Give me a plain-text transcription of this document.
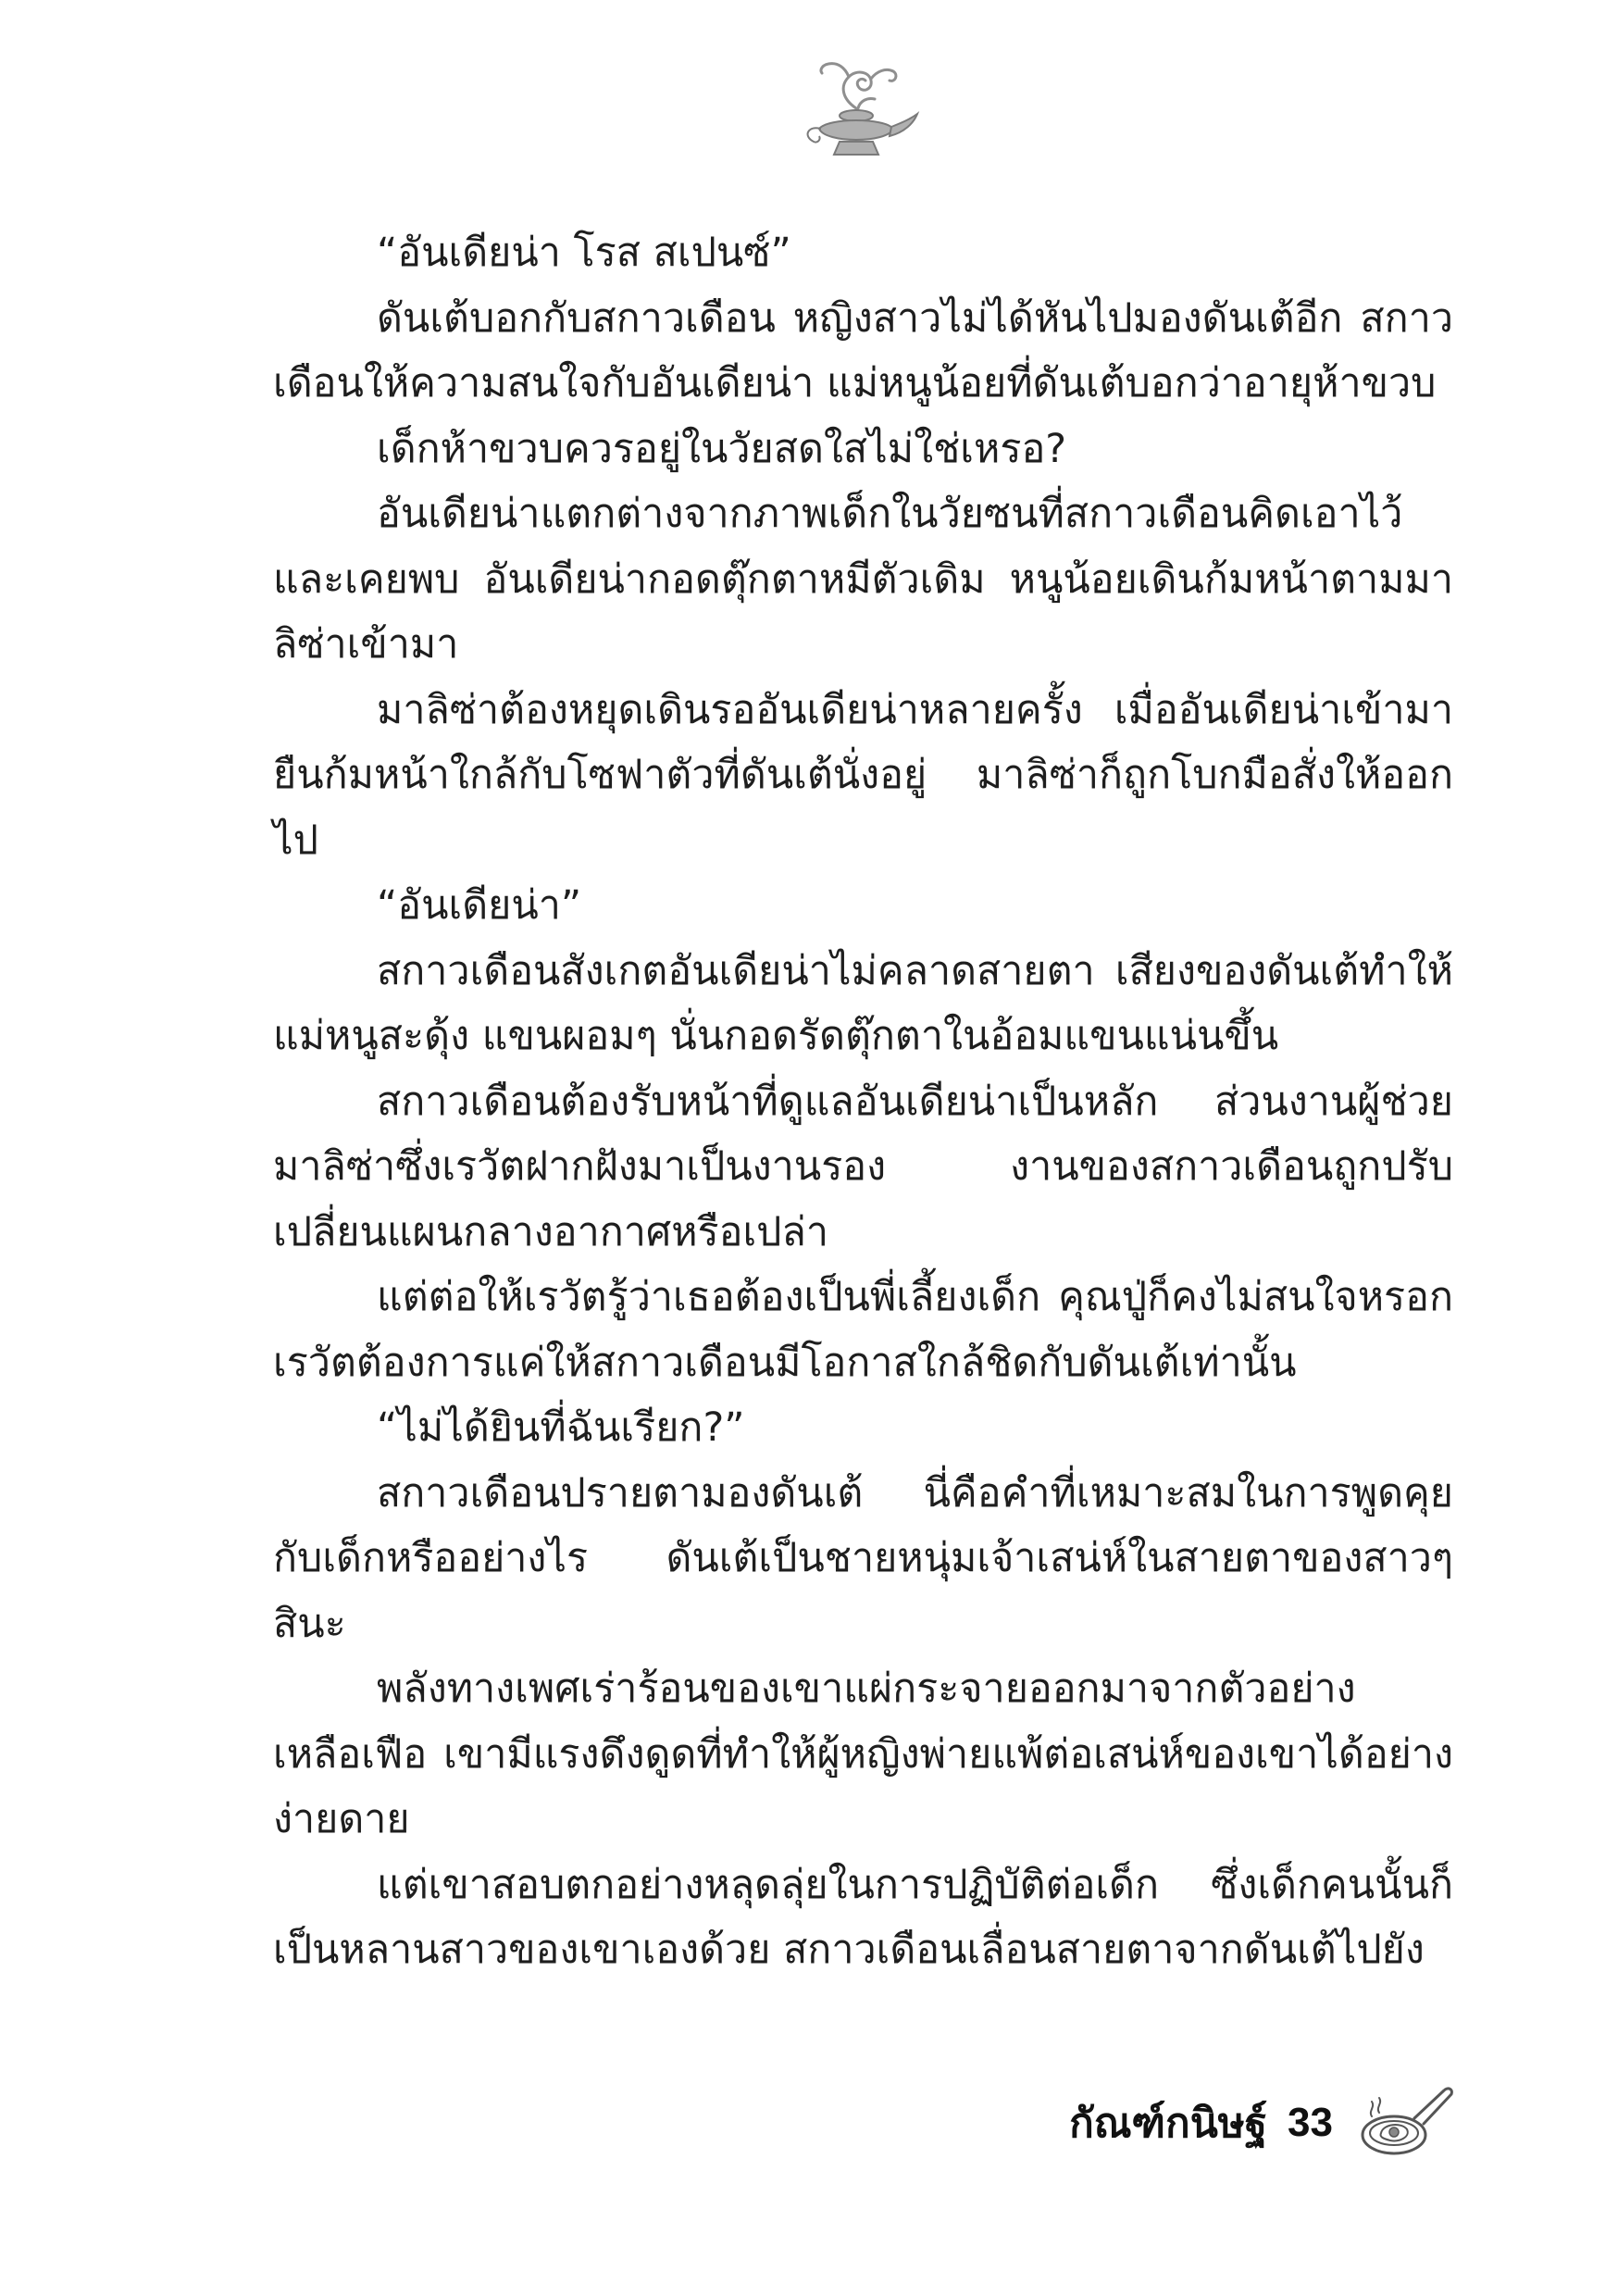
“อันเดียน่า โรส สเปนซ์”

ดันเต้บอกกับสกาวเดือน หญิงสาวไม่ได้หันไปมองดันเต้อีก สกาวเดือนให้ความสนใจกับอันเดียน่า แม่หนูน้อยที่ดันเต้บอกว่าอายุห้าขวบ

เด็กห้าขวบควรอยู่ในวัยสดใสไม่ใช่เหรอ?

อันเดียน่าแตกต่างจากภาพเด็กในวัยซนที่สกาวเดือนคิดเอาไว้และเคยพบ อันเดียน่ากอดตุ๊กตาหมีตัวเดิม หนูน้อยเดินก้มหน้าตามมาลิซ่าเข้ามา

มาลิซ่าต้องหยุดเดินรออันเดียน่าหลายครั้ง เมื่ออันเดียน่าเข้ามายืนก้มหน้าใกล้กับโซฟาตัวที่ดันเต้นั่งอยู่ มาลิซ่าก็ถูกโบกมือสั่งให้ออกไป

“อันเดียน่า”

สกาวเดือนสังเกตอันเดียน่าไม่คลาดสายตา เสียงของดันเต้ทำให้แม่หนูสะดุ้ง แขนผอมๆ นั่นกอดรัดตุ๊กตาในอ้อมแขนแน่นขึ้น

สกาวเดือนต้องรับหน้าที่ดูแลอันเดียน่าเป็นหลัก ส่วนงานผู้ช่วยมาลิซ่าซึ่งเรวัตฝากฝังมาเป็นงานรอง งานของสกาวเดือนถูกปรับเปลี่ยนแผนกลางอากาศหรือเปล่า

แต่ต่อให้เรวัตรู้ว่าเธอต้องเป็นพี่เลี้ยงเด็ก คุณปู่ก็คงไม่สนใจหรอก เรวัตต้องการแค่ให้สกาวเดือนมีโอกาสใกล้ชิดกับดันเต้เท่านั้น

“ไม่ได้ยินที่ฉันเรียก?”

สกาวเดือนปรายตามองดันเต้ นี่คือคำที่เหมาะสมในการพูดคุยกับเด็กหรืออย่างไร ดันเต้เป็นชายหนุ่มเจ้าเสน่ห์ในสายตาของสาวๆ สินะ

พลังทางเพศเร่าร้อนของเขาแผ่กระจายออกมาจากตัวอย่างเหลือเฟือ เขามีแรงดึงดูดที่ทำให้ผู้หญิงพ่ายแพ้ต่อเสน่ห์ของเขาได้อย่างง่ายดาย

แต่เขาสอบตกอย่างหลุดลุ่ยในการปฏิบัติต่อเด็ก ซึ่งเด็กคนนั้นก็เป็นหลานสาวของเขาเองด้วย สกาวเดือนเลื่อนสายตาจากดันเต้ไปยัง

กัณฑ์กนิษฐ์ 33
